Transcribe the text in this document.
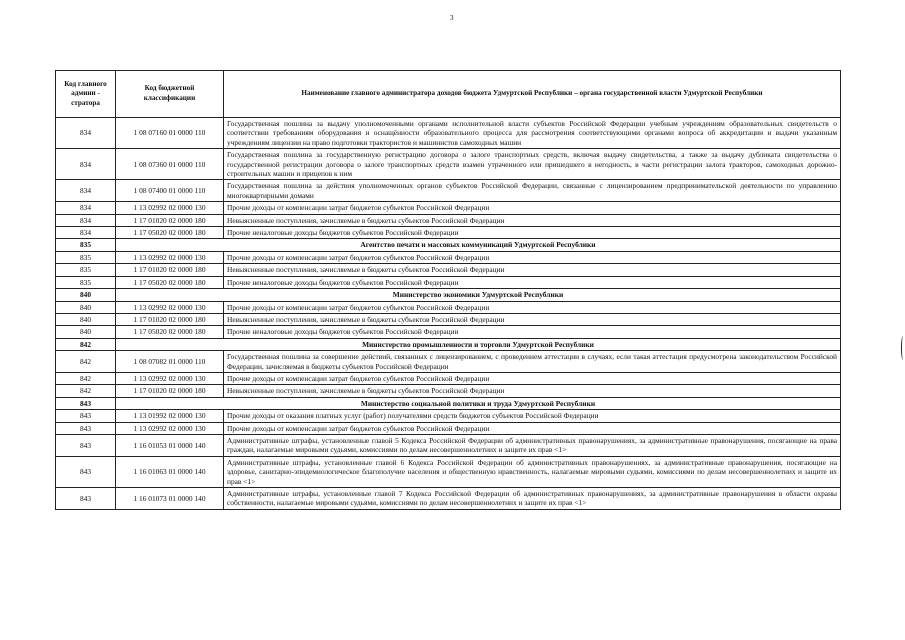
3
Код главного админи - стратора	Код бюджетной классификации	Наименование главного администратора доходов бюджета Удмуртской Республики – органа государственной власти Удмуртской Республики
834	1 08 07160 01 0000 110	Государственная пошлина за выдачу уполномоченными органами исполнительной власти субъектов Российской Федерации учебным учреждениям образовательных свидетельств о соответствии требованиям оборудования и оснащённости образовательного процесса для рассмотрения соответствующими органами вопроса об аккредитации и выдачи указанным учреждениям лицензии на право подготовки трактористов и машинистов самоходных машин
834	1 08 07360 01 0000 110	Государственная пошлина за государственную регистрацию договора о залоге транспортных средств, включая выдачу свидетельства, а также за выдачу дубликата свидетельства о государственной регистрации договора о залоге транспортных средств взамен утраченного или пришедшего в негодность, в части регистрации залога тракторов, самоходных дорожно-строительных машин и прицепов к ним
834	1 08 07400 01 0000 110	Государственная пошлина за действия уполномоченных органов субъектов Российской Федерации, связанные с лицензированием предпринимательской деятельности по управлению многоквартирными домами
834	1 13 02992 02 0000 130	Прочие доходы от компенсации затрат бюджетов субъектов Российской Федерации
834	1 17 01020 02 0000 180	Невыясненные поступления, зачисляемые в бюджеты субъектов Российской Федерации
834	1 17 05020 02 0000 180	Прочие неналоговые доходы бюджетов субъектов Российской Федерации
835	Агентство печати и массовых коммуникаций Удмуртской Республики	
835	1 13 02992 02 0000 130	Прочие доходы от компенсации затрат бюджетов субъектов Российской Федерации
835	1 17 01020 02 0000 180	Невыясненные поступления, зачисляемые в бюджеты субъектов Российской Федерации
835	1 17 05020 02 0000 180	Прочие неналоговые доходы бюджетов субъектов Российской Федерации
840	Министерство экономики Удмуртской Республики	
840	1 13 02992 02 0000 130	Прочие доходы от компенсации затрат бюджетов субъектов Российской Федерации
840	1 17 01020 02 0000 180	Невыясненные поступления, зачисляемые в бюджеты субъектов Российской Федерации
840	1 17 05020 02 0000 180	Прочие неналоговые доходы бюджетов субъектов Российской Федерации
842	Министерство промышленности и торговли Удмуртской Республики	
842	1 08 07082 01 0000 110	Государственная пошлина за совершение действий, связанных с лицензированием, с проведением аттестации в случаях, если такая аттестация предусмотрена законодательством Российской Федерации, зачисляемая в бюджеты субъектов Российской Федерации
842	1 13 02992 02 0000 130	Прочие доходы от компенсации затрат бюджетов субъектов Российской Федерации
842	1 17 01020 02 0000 180	Невыясненные поступления, зачисляемые в бюджеты субъектов Российской Федерации
843	Министерство социальной политики и труда Удмуртской Республики	
843	1 13 01992 02 0000 130	Прочие доходы от оказания платных услуг (работ) получателями средств бюджетов субъектов Российской Федерации
843	1 13 02992 02 0000 130	Прочие доходы от компенсации затрат бюджетов субъектов Российской Федерации
843	1 16 01053 01 0000 140	Административные штрафы, установленные главой 5 Кодекса Российской Федерации об административных правонарушениях, за административные правонарушения, посягающие на права граждан, налагаемые мировыми судьями, комиссиями по делам несовершеннолетних и защите их прав <1>
843	1 16 01063 01 0000 140	Административные штрафы, установленные главой 6 Кодекса Российской Федерации об административных правонарушениях, за административные правонарушения, посягающие на здоровье, санитарно-эпидемиологическое благополучие населения и общественную нравственность, налагаемые мировыми судьями, комиссиями по делам несовершеннолетних и защите их прав <1>
843	1 16 01073 01 0000 140	Административные штрафы, установленные главой 7 Кодекса Российской Федерации об административных правонарушениях, за административные правонарушения в области охраны собственности, налагаемые мировыми судьями, комиссиями по делам несовершеннолетних и защите их прав <1>
